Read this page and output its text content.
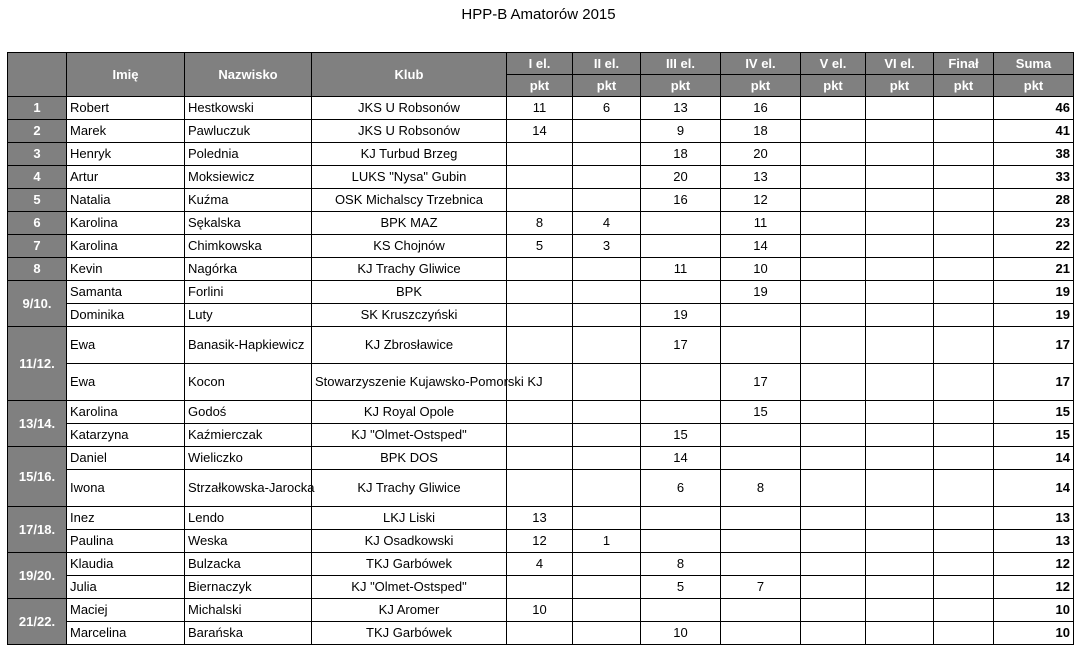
HPP-B Amatorów 2015
	Imię	Nazwisko	Klub	I el.	II el.	III el.	IV el.	V el.	VI el.	Finał	Suma
				pkt	pkt	pkt	pkt	pkt	pkt	pkt	pkt
1	Robert	Hestkowski	JKS U Robsonów	11	6	13	16				46
2	Marek	Pawluczuk	JKS U Robsonów	14		9	18				41
3	Henryk	Polednia	KJ Turbud Brzeg			18	20				38
4	Artur	Moksiewicz	LUKS "Nysa" Gubin			20	13				33
5	Natalia	Kuźma	OSK Michalscy Trzebnica			16	12				28
6	Karolina	Sękalska	BPK MAZ	8	4		11				23
7	Karolina	Chimkowska	KS Chojnów	5	3		14				22
8	Kevin	Nagórka	KJ Trachy Gliwice			11	10				21
9/10.	Samanta	Forlini	BPK				19				19
	Dominika	Luty	SK Kruszczyński			19					19
11/12.	Ewa	Banasik-Hapkiewicz	KJ Zbrosławice			17					17
	Ewa	Kocon	Stowarzyszenie Kujawsko-Pomorski KJ				17				17
13/14.	Karolina	Godoś	KJ Royal Opole				15				15
	Katarzyna	Kaźmierczak	KJ "Olmet-Ostsped"			15					15
15/16.	Daniel	Wieliczko	BPK DOS			14					14
	Iwona	Strzałkowska-Jarocka	KJ Trachy Gliwice			6	8				14
17/18.	Inez	Lendo	LKJ Liski	13							13
	Paulina	Weska	KJ Osadkowski	12	1						13
19/20.	Klaudia	Bulzacka	TKJ Garbówek	4		8					12
	Julia	Biernaczyk	KJ "Olmet-Ostsped"			5	7				12
21/22.	Maciej	Michalski	KJ Aromer	10							10
	Marcelina	Barańska	TKJ Garbówek			10					10
